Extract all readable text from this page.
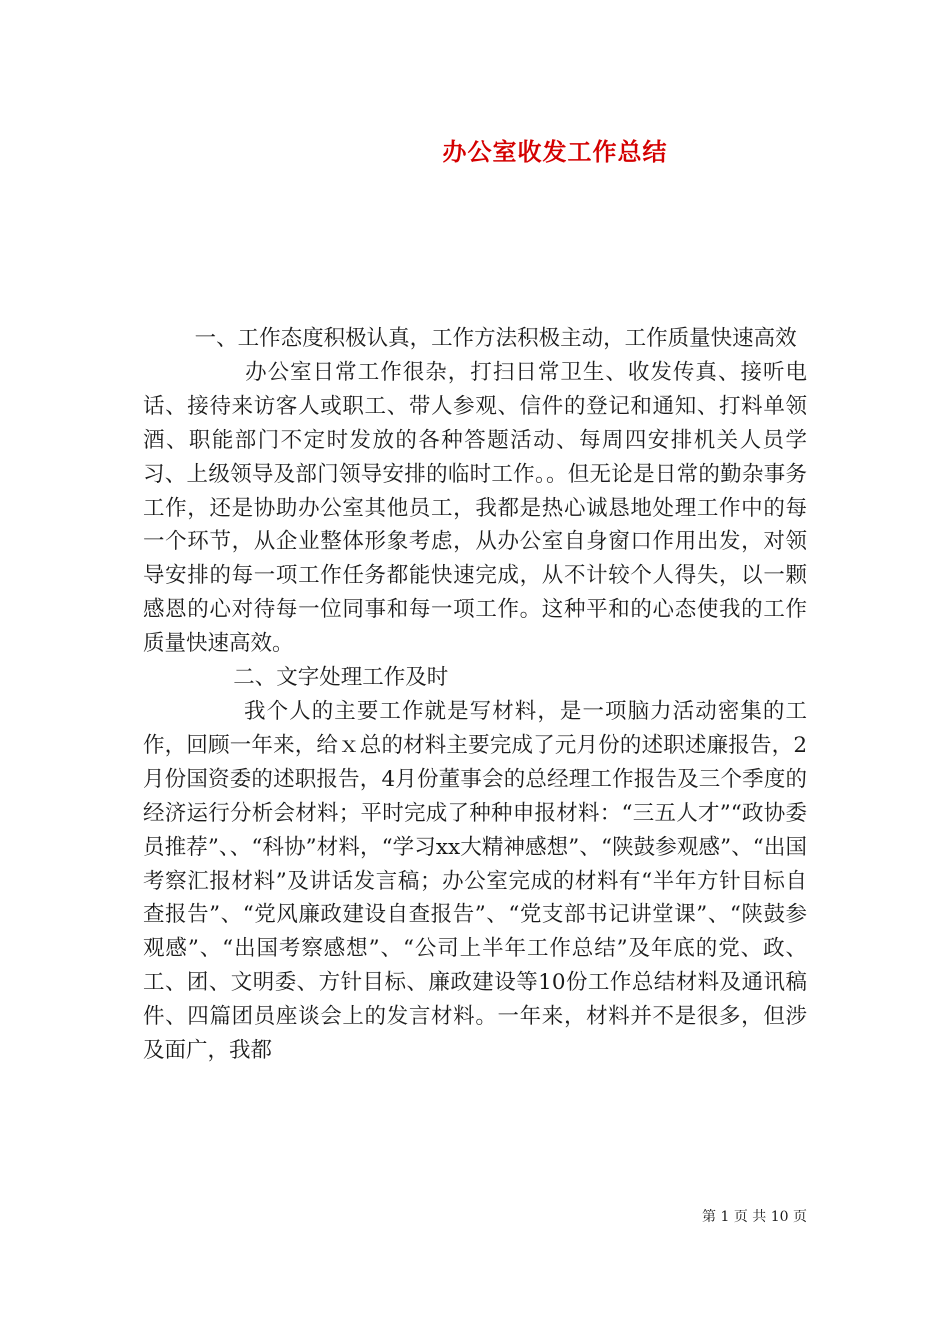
办公室收发工作总结

一、工作态度积极认真，工作方法积极主动，工作质量快速高效

办公室日常工作很杂，打扫日常卫生、收发传真、接听电话、接待来访客人或职工、带人参观、信件的登记和通知、打料单领酒、职能部门不定时发放的各种答题活动、每周四安排机关人员学习、上级领导及部门领导安排的临时工作。。但无论是日常的勤杂事务工作，还是协助办公室其他员工，我都是热心诚恳地处理工作中的每一个环节，从企业整体形象考虑，从办公室自身窗口作用出发，对领导安排的每一项工作任务都能快速完成，从不计较个人得失，以一颗感恩的心对待每一位同事和每一项工作。这种平和的心态使我的工作质量快速高效。

二、文字处理工作及时

我个人的主要工作就是写材料，是一项脑力活动密集的工作，回顾一年来，给ｘ总的材料主要完成了元月份的述职述廉报告，2月份国资委的述职报告，4月份董事会的总经理工作报告及三个季度的经济运行分析会材料；平时完成了种种申报材料：“三五人才”“政协委员推荐”、、“科协”材料，“学习xx大精神感想”、“陕鼓参观感”、“出国考察汇报材料”及讲话发言稿；办公室完成的材料有“半年方针目标自查报告”、“党风廉政建设自查报告”、“党支部书记讲堂课”、“陕鼓参观感”、“出国考察感想”、“公司上半年工作总结”及年底的党、政、工、团、文明委、方针目标、廉政建设等10份工作总结材料及通讯稿件、四篇团员座谈会上的发言材料。一年来，材料并不是很多，但涉及面广，我都

第 1 页 共 10 页
